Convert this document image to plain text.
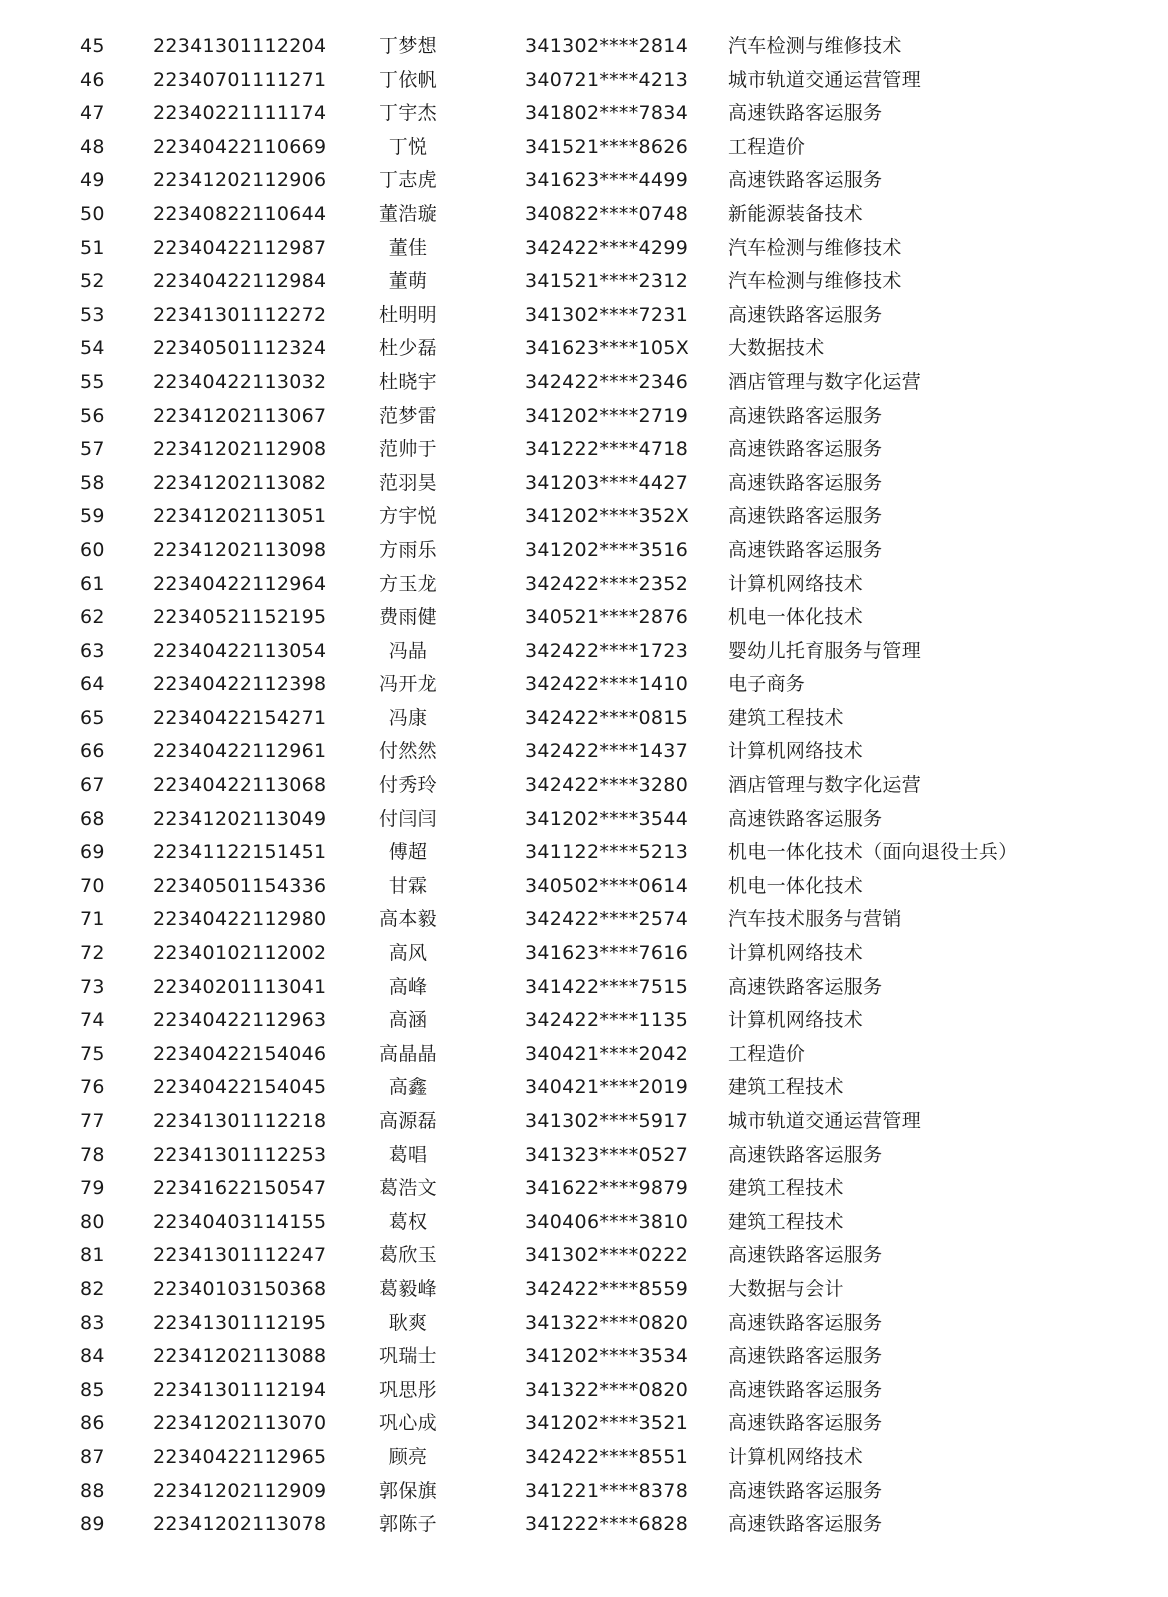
45	22341301112204	丁梦想	341302****2814 汽车检测与维修技术
46	22340701111271	丁依帆	340721****4213 城市轨道交通运营管理
47	22340221111174	丁宇杰	341802****7834 高速铁路客运服务
48	22340422110669	丁悦	341521****8626 工程造价
49	22341202112906	丁志虎	341623****4499 高速铁路客运服务
50	22340822110644	董浩璇	340822****0748 新能源装备技术
51	22340422112987	董佳	342422****4299 汽车检测与维修技术
52	22340422112984	董萌	341521****2312 汽车检测与维修技术
53	22341301112272	杜明明	341302****7231 高速铁路客运服务
54	22340501112324	杜少磊	341623****105X 大数据技术
55	22340422113032	杜晓宇	342422****2346 酒店管理与数字化运营
56	22341202113067	范梦雷	341202****2719 高速铁路客运服务
57	22341202112908	范帅于	341222****4718 高速铁路客运服务
58	22341202113082	范羽昊	341203****4427 高速铁路客运服务
59	22341202113051	方宇悦	341202****352X 高速铁路客运服务
60	22341202113098	方雨乐	341202****3516 高速铁路客运服务
61	22340422112964	方玉龙	342422****2352 计算机网络技术
62	22340521152195	费雨健	340521****2876 机电一体化技术
63	22340422113054	冯晶	342422****1723 婴幼儿托育服务与管理
64	22340422112398	冯开龙	342422****1410 电子商务
65	22340422154271	冯康	342422****0815 建筑工程技术
66	22340422112961	付然然	342422****1437 计算机网络技术
67	22340422113068	付秀玲	342422****3280 酒店管理与数字化运营
68	22341202113049	付闫闫	341202****3544 高速铁路客运服务
69	22341122151451	傅超	341122****5213 机电一体化技术（面向退役士兵）
70	22340501154336	甘霖	340502****0614 机电一体化技术
71	22340422112980	高本毅	342422****2574 汽车技术服务与营销
72	22340102112002	高风	341623****7616 计算机网络技术
73	22340201113041	高峰	341422****7515 高速铁路客运服务
74	22340422112963	高涵	342422****1135 计算机网络技术
75	22340422154046	高晶晶	340421****2042 工程造价
76	22340422154045	高鑫	340421****2019 建筑工程技术
77	22341301112218	高源磊	341302****5917 城市轨道交通运营管理
78	22341301112253	葛唱	341323****0527 高速铁路客运服务
79	22341622150547	葛浩文	341622****9879 建筑工程技术
80	22340403114155	葛权	340406****3810 建筑工程技术
81	22341301112247	葛欣玉	341302****0222 高速铁路客运服务
82	22340103150368	葛毅峰	342422****8559 大数据与会计
83	22341301112195	耿爽	341322****0820 高速铁路客运服务
84	22341202113088	巩瑞士	341202****3534 高速铁路客运服务
85	22341301112194	巩思彤	341322****0820 高速铁路客运服务
86	22341202113070	巩心成	341202****3521 高速铁路客运服务
87	22340422112965	顾亮	342422****8551 计算机网络技术
88	22341202112909	郭保旗	341221****8378 高速铁路客运服务
89	22341202113078	郭陈子	341222****6828 高速铁路客运服务
